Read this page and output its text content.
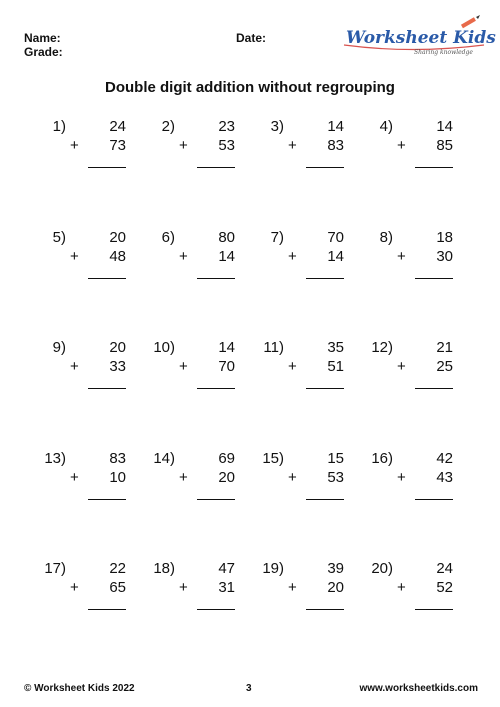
Name:
Grade:
Date:	Worksheet Kids
Sharing knowledge
Double digit addition without regrouping
1)	24
+ 73
2)	23
+ 53
3)	14
+ 83
4)	14
+ 85
5)	20
+ 48
6)	80
+ 14
7)	70
+ 14
8)	18
+ 30
9)	20
+ 33
10)	14
+ 70
11)	35
+ 51
12)	21
+ 25
13)	83
+ 10
14)	69
+ 20
15)	15
+ 53
16)	42
+ 43
17)	22
+ 65
18)	47
+ 31
19)	39
+ 20
20)	24
+ 52
© Worksheet Kids 2022	3	www.worksheetkids.com
